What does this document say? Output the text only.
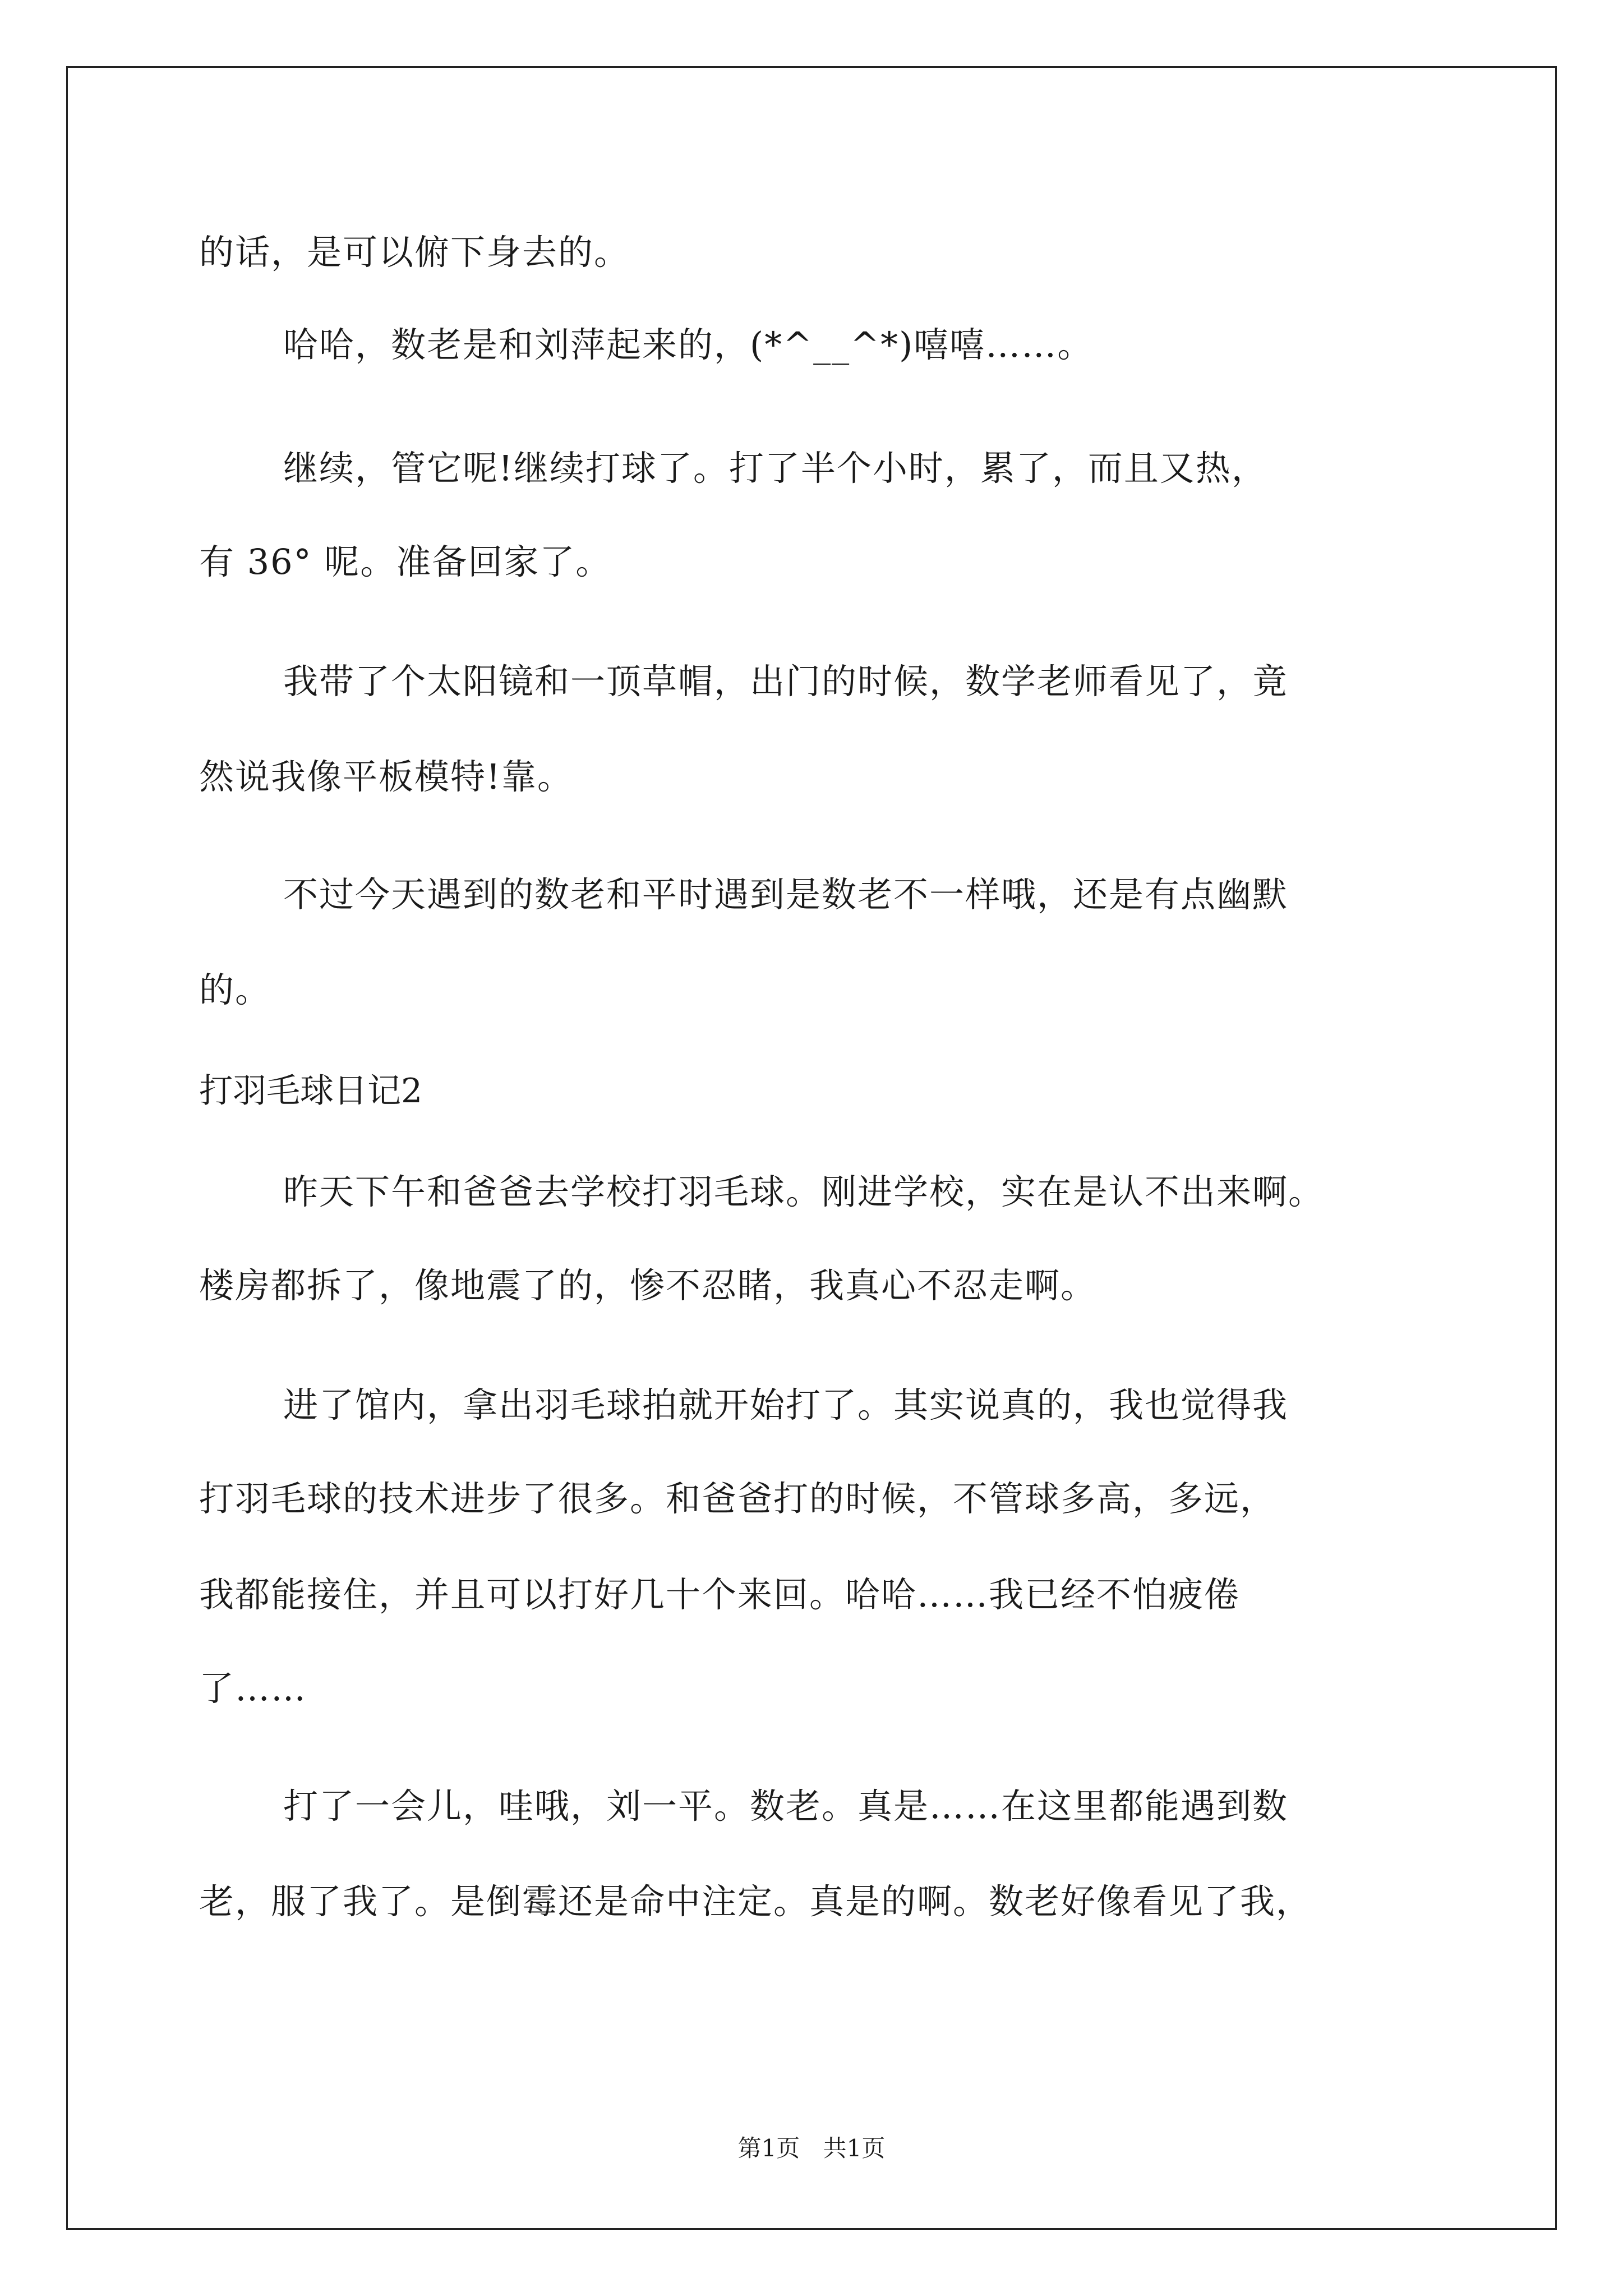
的话，是可以俯下身去的。
哈哈，数老是和刘萍起来的，(*^__^*)嘻嘻……。
继续，管它呢!继续打球了。打了半个小时，累了，而且又热，
有 36° 呢。准备回家了。
我带了个太阳镜和一顶草帽，出门的时候，数学老师看见了，竟
然说我像平板模特!靠。
不过今天遇到的数老和平时遇到是数老不一样哦，还是有点幽默
的。
打羽毛球日记2
昨天下午和爸爸去学校打羽毛球。刚进学校，实在是认不出来啊。
楼房都拆了，像地震了的，惨不忍睹，我真心不忍走啊。
进了馆内，拿出羽毛球拍就开始打了。其实说真的，我也觉得我
打羽毛球的技术进步了很多。和爸爸打的时候，不管球多高，多远，
我都能接住，并且可以打好几十个来回。哈哈……我已经不怕疲倦
了……
打了一会儿，哇哦，刘一平。数老。真是……在这里都能遇到数
老，服了我了。是倒霉还是命中注定。真是的啊。数老好像看见了我，
第1页 共1页
